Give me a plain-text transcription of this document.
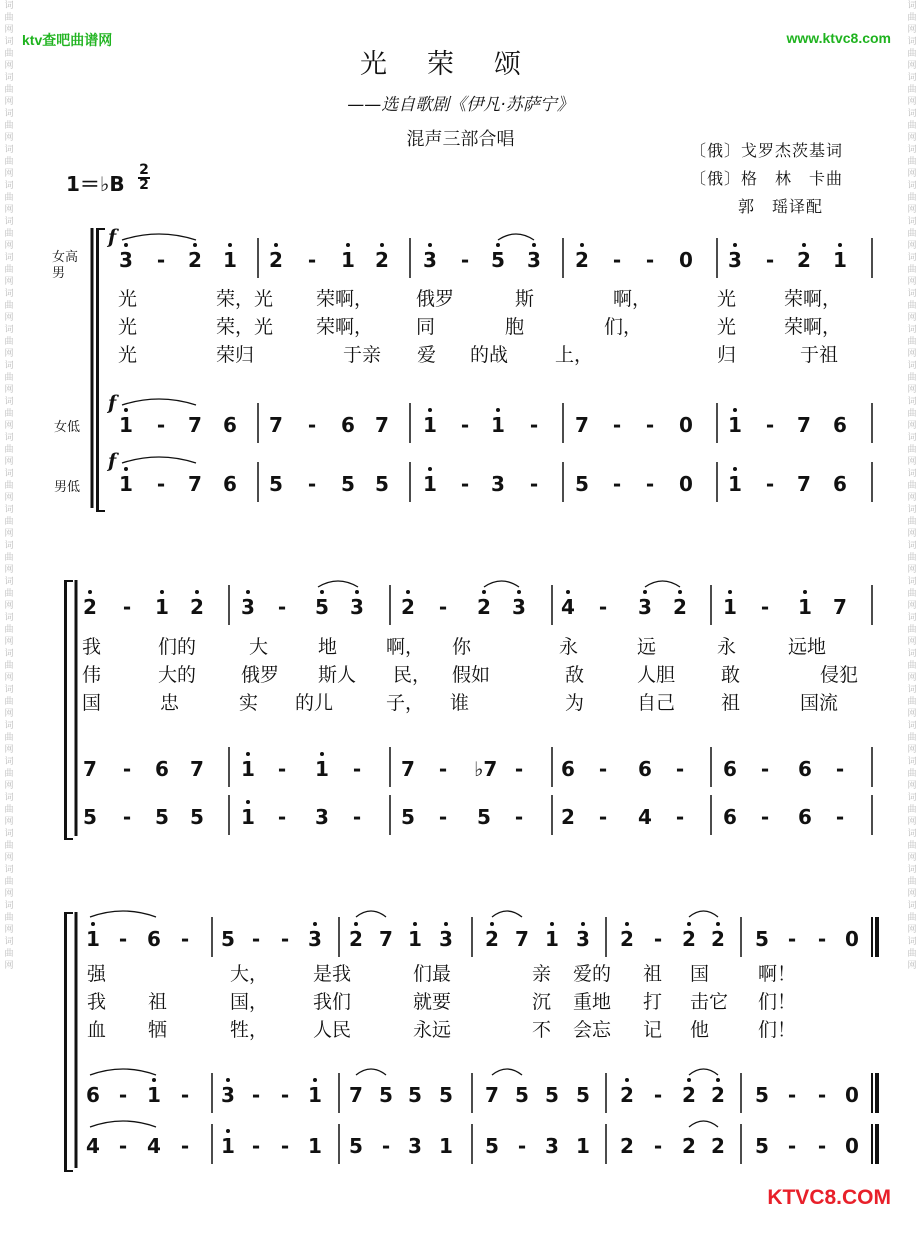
词曲网词曲网词曲网词曲网词曲网词曲网词曲网词曲网词曲网词曲网词曲网词曲网词曲网词曲网词曲网词曲网词曲网词曲网词曲网词曲网词曲网词曲网词曲网词曲网词曲网词曲网词曲网
词曲网词曲网词曲网词曲网词曲网词曲网词曲网词曲网词曲网词曲网词曲网词曲网词曲网词曲网词曲网词曲网词曲网词曲网词曲网词曲网词曲网词曲网词曲网词曲网词曲网词曲网词曲网
ktv查吧曲谱网	www.ktvc8.com
KTVC8.COM
光荣颂
——选自歌剧《伊凡·苏萨宁》
混声三部合唱
〔俄〕戈罗杰茨基词
〔俄〕格　林　卡曲
郭　瑶译配
1＝♭B
2
2
女高男
女低
男低
f
f
f
3 - 2 1 2 - 1 2 3 - 5 3 2 - - 0 3 - 2 1
1 - 7 6 7 - 6 7 1 - 1 - 7 - - 0 1 - 7 6
1 - 7 6 5 - 5 5 1 - 3 - 5 - - 0 1 - 7 6
光	荣，光 荣啊， 俄罗	斯	啊，	光	荣啊，
光	荣，光 荣啊， 同	胞	们，	光	荣啊，
光	荣归	于亲 爱 的战 上，	归	于祖
2 - 1 2 3 - 5 3 2 - 2 3 4 - 3 2 1 - 1 7
7 - 6 7 1 - 1 - 7 - ♭7 - 6 - 6 - 6 - 6 -
5 - 5 5 1 - 3 - 5 - 5 - 2 - 4 - 6 - 6 -
我	们的	大	地	啊， 你	永	远	永	远地
伟	大的 俄罗 斯人 民， 假如	敌	人胆 敢	侵犯
国	忠	实 的儿	子， 谁	为	自己 祖	国流
1 - 6 - 5 - - 3 2 7 1 3 2 7 1 3 2 - 2 2 5 - - 0
6 - 1 - 3 - - 1 7 5 5 5 7 5 5 5 2 - 2 2 5 - - 0
4 - 4 - 1 - - 1 5 - 3 1 5 - 3 1 2 - 2 2 5 - - 0
强	大， 是我	们最	亲 爱的 祖 国	啊！
我 祖	国， 我们	就要	沉 重地 打 击它 们！
血 牺	牲， 人民	永远	不 会忘 记 他	们！
